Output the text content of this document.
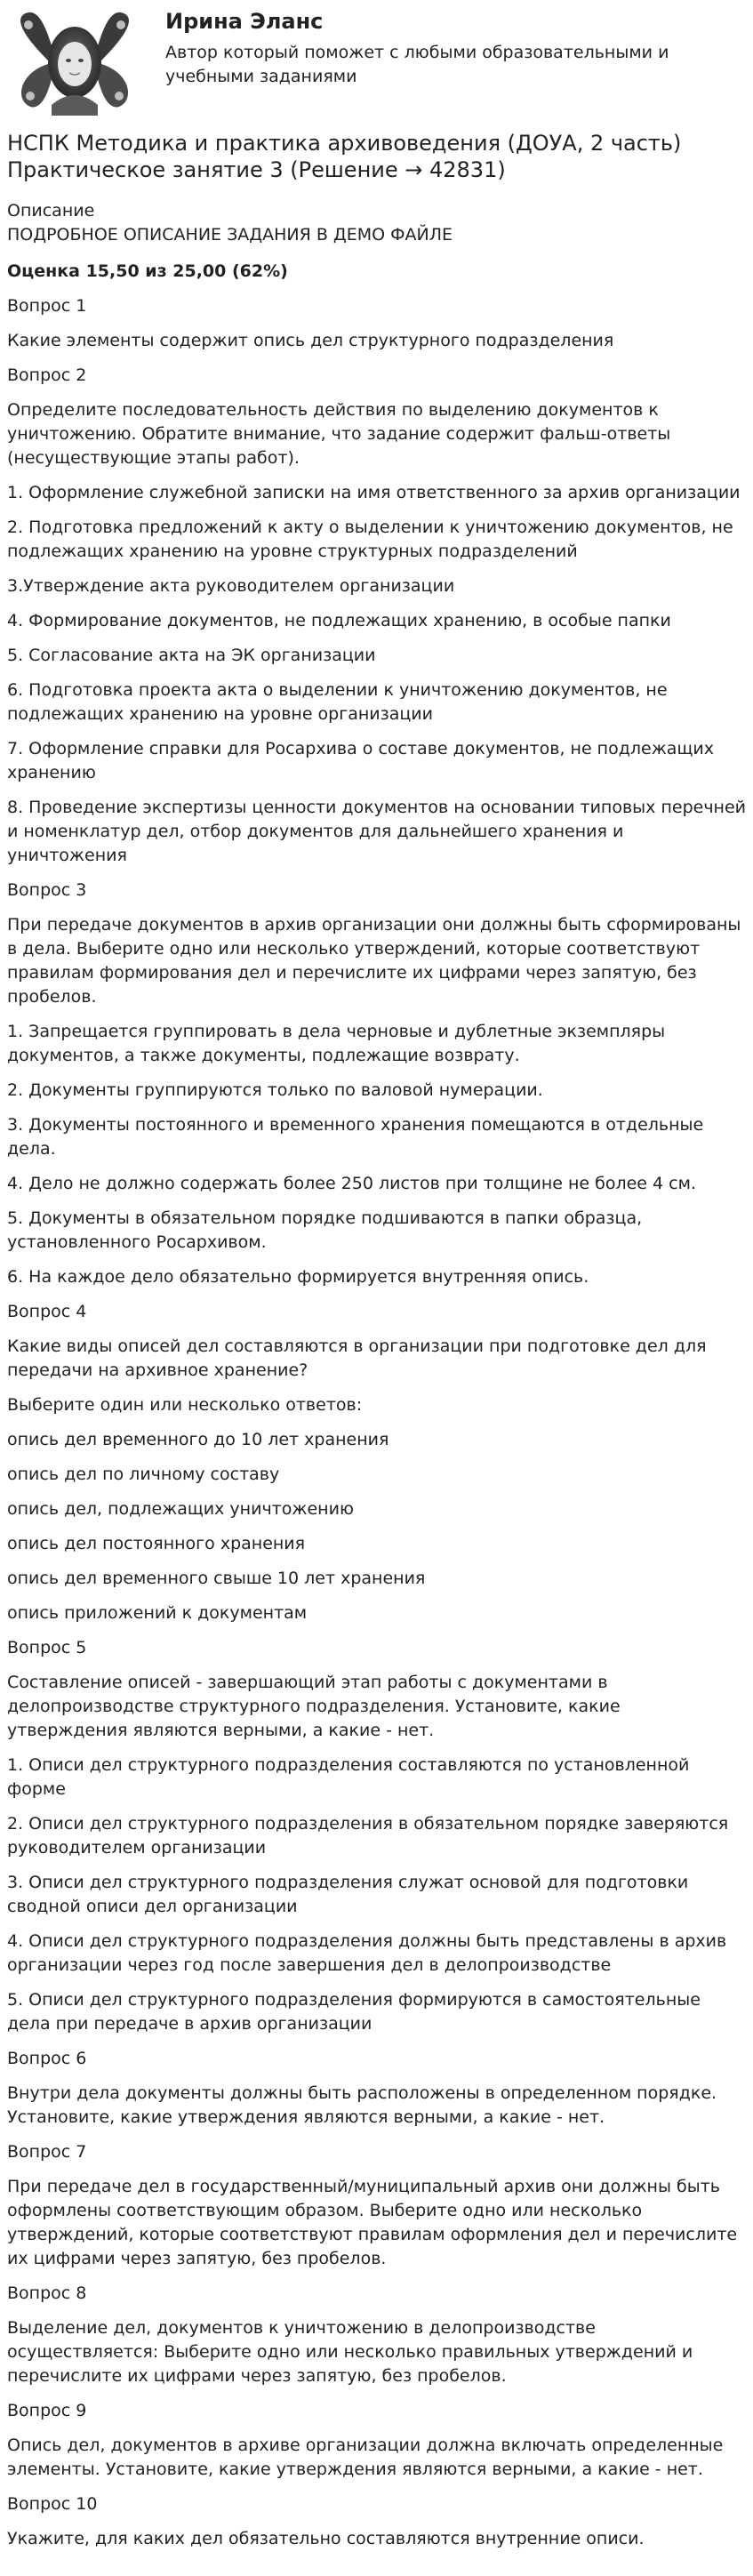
Ирина Эланс
Автор который поможет с любыми образовательными и учебными заданиями
НСПК Методика и практика архивоведения (ДОУА, 2 часть) Практическое занятие 3 (Решение → 42831)

Описание

ПОДРОБНОЕ ОПИСАНИЕ ЗАДАНИЯ В ДЕМО ФАЙЛЕ

Оценка 15,50 из 25,00 (62%)

Вопрос 1

Какие элементы содержит опись дел структурного подразделения

Вопрос 2

Определите последовательность действия по выделению документов к уничтожению. Обратите внимание, что задание содержит фальш-ответы (несуществующие этапы работ).

1. Оформление служебной записки на имя ответственного за архив организации

2. Подготовка предложений к акту о выделении к уничтожению документов, не подлежащих хранению на уровне структурных подразделений

3.Утверждение акта руководителем организации

4. Формирование документов, не подлежащих хранению, в особые папки

5. Согласование акта на ЭК организации

6. Подготовка проекта акта о выделении к уничтожению документов, не подлежащих хранению на уровне организации

7. Оформление справки для Росархива о составе документов, не подлежащих хранению

8. Проведение экспертизы ценности документов на основании типовых перечней и номенклатур дел, отбор документов для дальнейшего хранения и уничтожения

Вопрос 3

При передаче документов в архив организации они должны быть сформированы в дела. Выберите одно или несколько утверждений, которые соответствуют правилам формирования дел и перечислите их цифрами через запятую, без пробелов.

1. Запрещается группировать в дела черновые и дублетные экземпляры документов, а также документы, подлежащие возврату.

2. Документы группируются только по валовой нумерации.

3. Документы постоянного и временного хранения помещаются в отдельные дела.

4. Дело не должно содержать более 250 листов при толщине не более 4 см.

5. Документы в обязательном порядке подшиваются в папки образца, установленного Росархивом.

6. На каждое дело обязательно формируется внутренняя опись.

Вопрос 4

Какие виды описей дел составляются в организации при подготовке дел для передачи на архивное хранение?

Выберите один или несколько ответов:

опись дел временного до 10 лет хранения

опись дел по личному составу

опись дел, подлежащих уничтожению

опись дел постоянного хранения

опись дел временного свыше 10 лет хранения

опись приложений к документам

Вопрос 5

Составление описей - завершающий этап работы с документами в делопроизводстве структурного подразделения. Установите, какие утверждения являются верными, а какие - нет.

1. Описи дел структурного подразделения составляются по установленной форме

2. Описи дел структурного подразделения в обязательном порядке заверяются руководителем организации

3. Описи дел структурного подразделения служат основой для подготовки сводной описи дел организации

4. Описи дел структурного подразделения должны быть представлены в архив организации через год после завершения дел в делопроизводстве

5. Описи дел структурного подразделения формируются в самостоятельные дела при передаче в архив организации

Вопрос 6

Внутри дела документы должны быть расположены в определенном порядке. Установите, какие утверждения являются верными, а какие - нет.

Вопрос 7

При передаче дел в государственный/муниципальный архив они должны быть оформлены соответствующим образом. Выберите одно или несколько утверждений, которые соответствуют правилам оформления дел и перечислите их цифрами через запятую, без пробелов.

Вопрос 8

Выделение дел, документов к уничтожению в делопроизводстве осуществляется: Выберите одно или несколько правильных утверждений и перечислите их цифрами через запятую, без пробелов.

Вопрос 9

Опись дел, документов в архиве организации должна включать определенные элементы. Установите, какие утверждения являются верными, а какие - нет.

Вопрос 10

Укажите, для каких дел обязательно составляются внутренние описи.
